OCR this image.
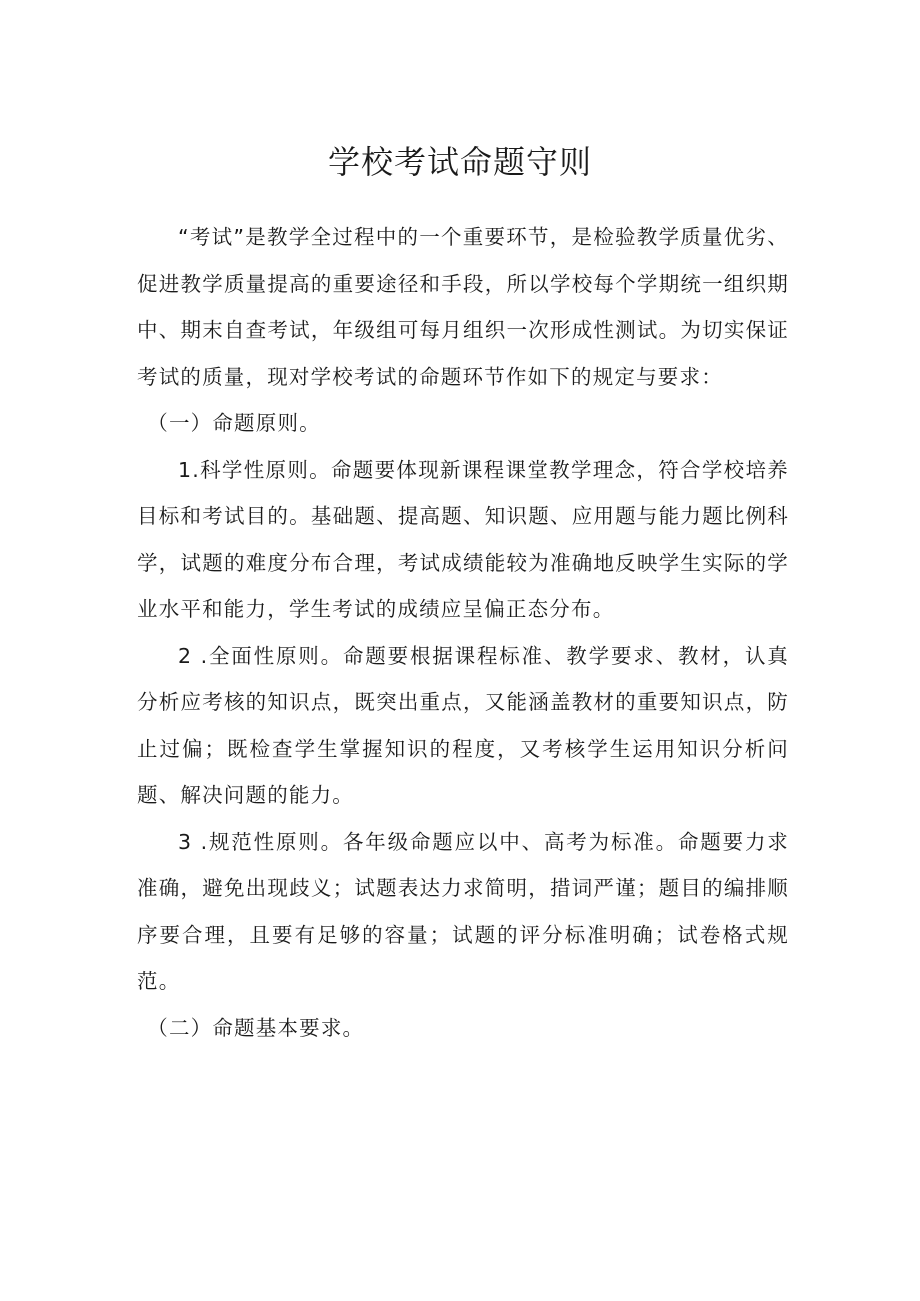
学校考试命题守则

“考试”是教学全过程中的一个重要环节，是检验教学质量优劣、促进教学质量提高的重要途径和手段，所以学校每个学期统一组织期中、期末自查考试，年级组可每月组织一次形成性测试。为切实保证考试的质量，现对学校考试的命题环节作如下的规定与要求：

（一）命题原则。

1.科学性原则。命题要体现新课程课堂教学理念，符合学校培养目标和考试目的。基础题、提高题、知识题、应用题与能力题比例科学，试题的难度分布合理，考试成绩能较为准确地反映学生实际的学业水平和能力，学生考试的成绩应呈偏正态分布。

2 .全面性原则。命题要根据课程标准、教学要求、教材，认真分析应考核的知识点，既突出重点，又能涵盖教材的重要知识点，防止过偏；既检查学生掌握知识的程度，又考核学生运用知识分析问题、解决问题的能力。

3 .规范性原则。各年级命题应以中、高考为标准。命题要力求准确，避免出现歧义；试题表达力求简明，措词严谨；题目的编排顺序要合理，且要有足够的容量；试题的评分标准明确；试卷格式规范。

（二）命题基本要求。
